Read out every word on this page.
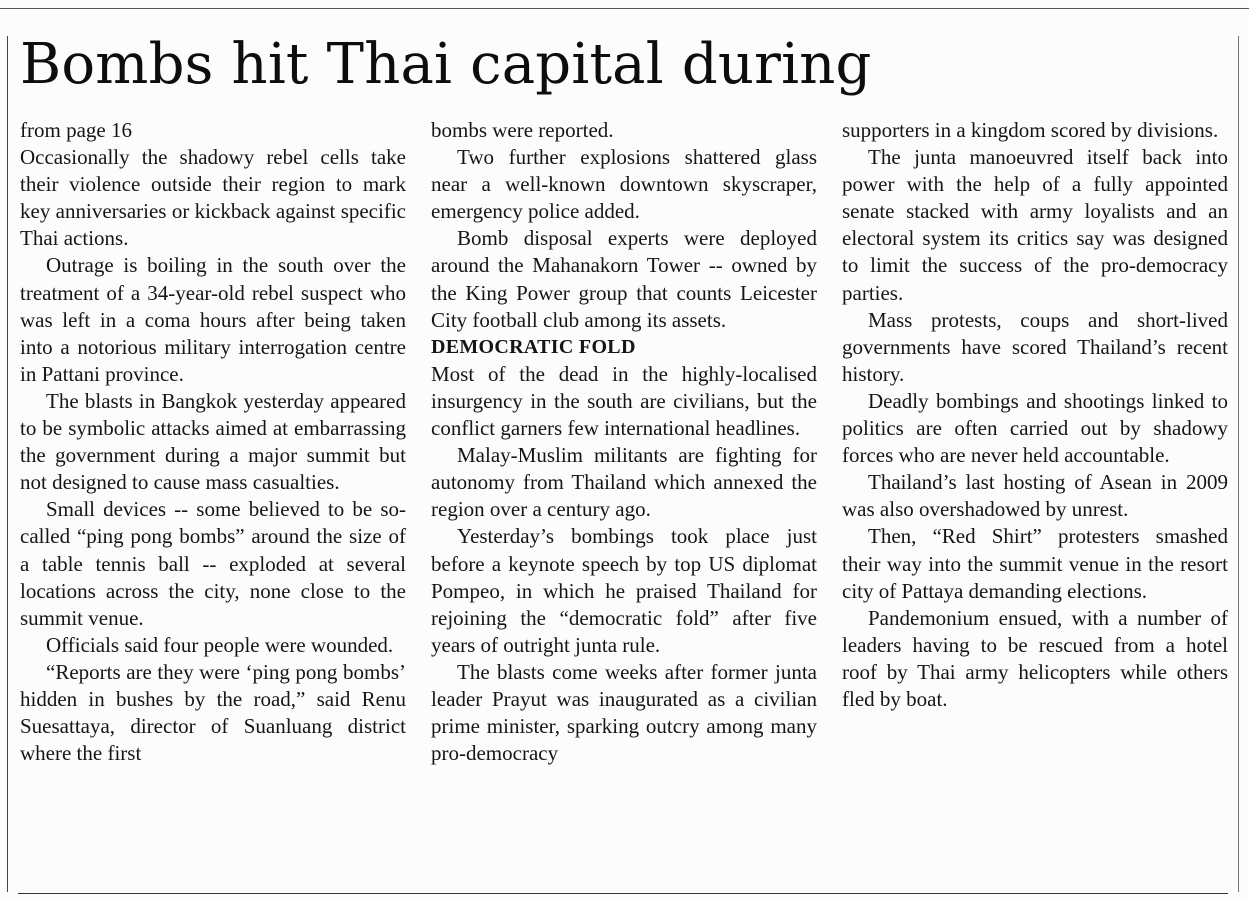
Bombs hit Thai capital during

from page 16

Occasionally the shadowy rebel cells take their violence outside their region to mark key anniversaries or kickback against specific Thai actions.

Outrage is boiling in the south over the treatment of a 34-year-old rebel suspect who was left in a coma hours after being taken into a notorious military interrogation centre in Pattani province.

The blasts in Bangkok yesterday appeared to be symbolic attacks aimed at embarrassing the government during a major summit but not designed to cause mass casualties.

Small devices -- some believed to be so-called “ping pong bombs” around the size of a table tennis ball -- exploded at several locations across the city, none close to the summit venue.

Officials said four people were wounded.

“Reports are they were ‘ping pong bombs’ hidden in bushes by the road,” said Renu Suesattaya, director of Suanluang district where the first

bombs were reported.

Two further explosions shattered glass near a well-known downtown skyscraper, emergency police added.

Bomb disposal experts were deployed around the Mahanakorn Tower -- owned by the King Power group that counts Leicester City football club among its assets.

DEMOCRATIC FOLD

Most of the dead in the highly-localised insurgency in the south are civilians, but the conflict garners few international headlines.

Malay-Muslim militants are fighting for autonomy from Thailand which annexed the region over a century ago.

Yesterday’s bombings took place just before a keynote speech by top US diplomat Pompeo, in which he praised Thailand for rejoining the “democratic fold” after five years of outright junta rule.

The blasts come weeks after former junta leader Prayut was inaugurated as a civilian prime minister, sparking outcry among many pro-democracy

supporters in a kingdom scored by divisions.

The junta manoeuvred itself back into power with the help of a fully appointed senate stacked with army loyalists and an electoral system its critics say was designed to limit the success of the pro-democracy parties.

Mass protests, coups and short-lived governments have scored Thailand’s recent history.

Deadly bombings and shootings linked to politics are often carried out by shadowy forces who are never held accountable.

Thailand’s last hosting of Asean in 2009 was also overshadowed by unrest.

Then, “Red Shirt” protesters smashed their way into the summit venue in the resort city of Pattaya demanding elections.

Pandemonium ensued, with a number of leaders having to be rescued from a hotel roof by Thai army helicopters while others fled by boat.
